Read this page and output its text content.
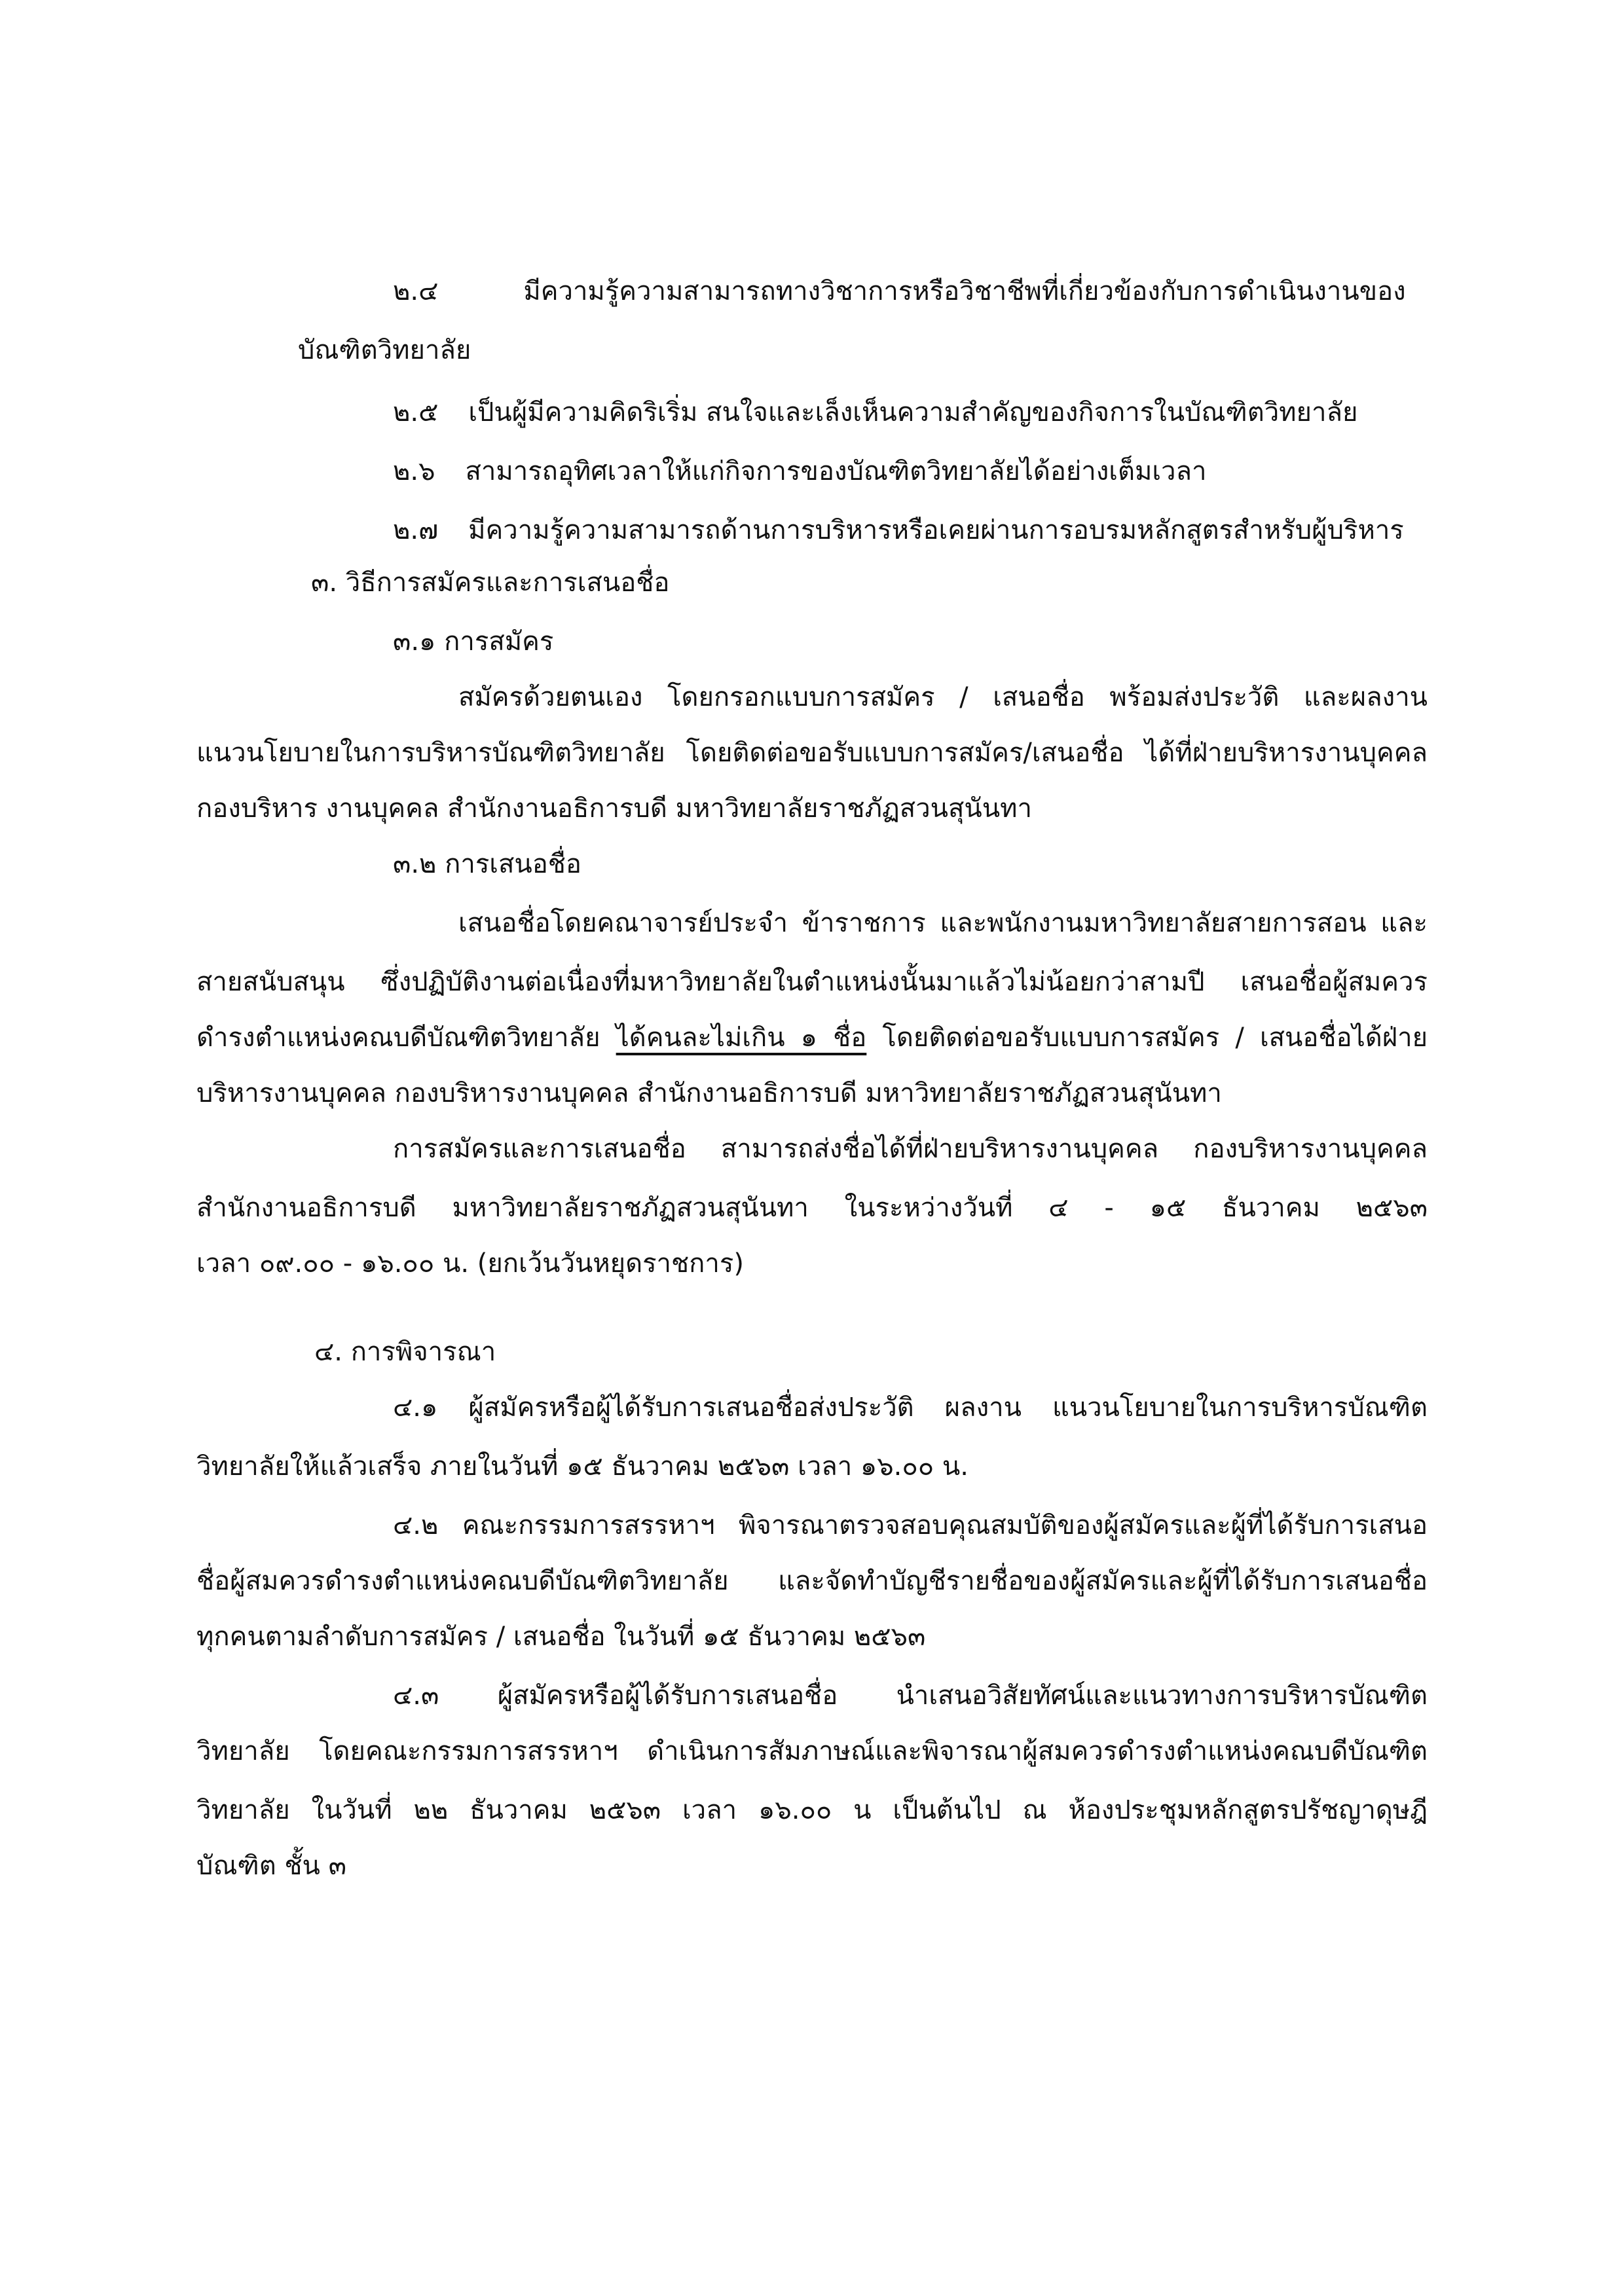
๒.๔	มีความรู้ความสามารถทางวิชาการหรือวิชาชีพที่เกี่ยวข้องกับการดำเนินงานของ
บัณฑิตวิทยาลัย
๒.๕ เป็นผู้มีความคิดริเริ่ม สนใจและเล็งเห็นความสำคัญของกิจการในบัณฑิตวิทยาลัย
๒.๖ สามารถอุทิศเวลาให้แก่กิจการของบัณฑิตวิทยาลัยได้อย่างเต็มเวลา
๒.๗ มีความรู้ความสามารถด้านการบริหารหรือเคยผ่านการอบรมหลักสูตรสำหรับผู้บริหาร
๓. วิธีการสมัครและการเสนอชื่อ
๓.๑ การสมัคร
สมัครด้วยตนเอง โดยกรอกแบบการสมัคร / เสนอชื่อ พร้อมส่งประวัติ และผลงาน
แนวนโยบายในการบริหารบัณฑิตวิทยาลัย โดยติดต่อขอรับแบบการสมัคร/เสนอชื่อ ได้ที่ฝ่ายบริหารงานบุคคล
กองบริหาร งานบุคคล สำนักงานอธิการบดี มหาวิทยาลัยราชภัฏสวนสุนันทา
๓.๒ การเสนอชื่อ
เสนอชื่อโดยคณาจารย์ประจำ ข้าราชการ และพนักงานมหาวิทยาลัยสายการสอน และ
สายสนับสนุน ซึ่งปฏิบัติงานต่อเนื่องที่มหาวิทยาลัยในตำแหน่งนั้นมาแล้วไม่น้อยกว่าสามปี เสนอชื่อผู้สมควร
ดำรงตำแหน่งคณบดีบัณฑิตวิทยาลัย ได้คนละไม่เกิน ๑ ชื่อ โดยติดต่อขอรับแบบการสมัคร / เสนอชื่อได้ฝ่าย
บริหารงานบุคคล กองบริหารงานบุคคล สำนักงานอธิการบดี มหาวิทยาลัยราชภัฏสวนสุนันทา
การสมัครและการเสนอชื่อ สามารถส่งชื่อได้ที่ฝ่ายบริหารงานบุคคล กองบริหารงานบุคคล
สำนักงานอธิการบดี มหาวิทยาลัยราชภัฏสวนสุนันทา ในระหว่างวันที่ ๔ - ๑๕ ธันวาคม ๒๕๖๓
เวลา ๐๙.๐๐ - ๑๖.๐๐ น. (ยกเว้นวันหยุดราชการ)
๔. การพิจารณา
๔.๑ ผู้สมัครหรือผู้ได้รับการเสนอชื่อส่งประวัติ ผลงาน แนวนโยบายในการบริหารบัณฑิต
วิทยาลัยให้แล้วเสร็จ ภายในวันที่ ๑๕ ธันวาคม ๒๕๖๓ เวลา ๑๖.๐๐ น.
๔.๒ คณะกรรมการสรรหาฯ พิจารณาตรวจสอบคุณสมบัติของผู้สมัครและผู้ที่ได้รับการเสนอ
ชื่อผู้สมควรดำรงตำแหน่งคณบดีบัณฑิตวิทยาลัย และจัดทำบัญชีรายชื่อของผู้สมัครและผู้ที่ได้รับการเสนอชื่อ
ทุกคนตามลำดับการสมัคร / เสนอชื่อ ในวันที่ ๑๕ ธันวาคม ๒๕๖๓
๔.๓ ผู้สมัครหรือผู้ได้รับการเสนอชื่อ นำเสนอวิสัยทัศน์และแนวทางการบริหารบัณฑิต
วิทยาลัย โดยคณะกรรมการสรรหาฯ ดำเนินการสัมภาษณ์และพิจารณาผู้สมควรดำรงตำแหน่งคณบดีบัณฑิต
วิทยาลัย ในวันที่ ๒๒ ธันวาคม ๒๕๖๓ เวลา ๑๖.๐๐ น เป็นต้นไป ณ ห้องประชุมหลักสูตรปรัชญาดุษฎี
บัณฑิต ชั้น ๓
